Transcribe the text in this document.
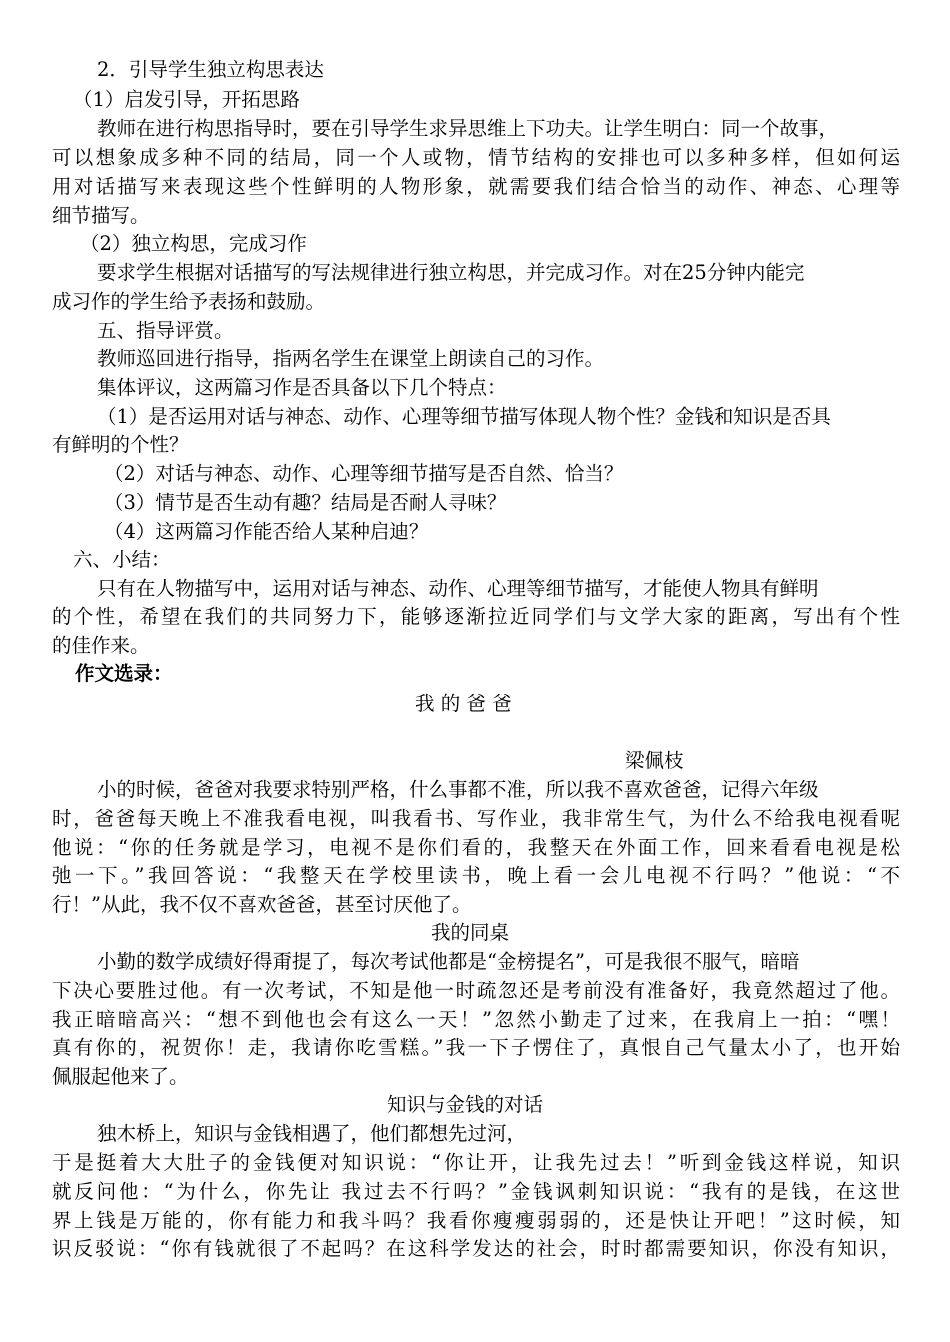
2．引导学生独立构思表达
（1）启发引导，开拓思路
教师在进行构思指导时，要在引导学生求异思维上下功夫。让学生明白：同一个故事，
可以想象成多种不同的结局，同一个人或物，情节结构的安排也可以多种多样，但如何运
用对话描写来表现这些个性鲜明的人物形象，就需要我们结合恰当的动作、神态、心理等
细节描写。
（2）独立构思，完成习作
要求学生根据对话描写的写法规律进行独立构思，并完成习作。对在25分钟内能完
成习作的学生给予表扬和鼓励。
五、指导评赏。
教师巡回进行指导，指两名学生在课堂上朗读自己的习作。
集体评议，这两篇习作是否具备以下几个特点：
（1）是否运用对话与神态、动作、心理等细节描写体现人物个性？金钱和知识是否具
有鲜明的个性？
（2）对话与神态、动作、心理等细节描写是否自然、恰当？
（3）情节是否生动有趣？结局是否耐人寻味？
（4）这两篇习作能否给人某种启迪？
六、小结：
只有在人物描写中，运用对话与神态、动作、心理等细节描写，才能使人物具有鲜明
的个性，希望在我们的共同努力下，能够逐渐拉近同学们与文学大家的距离，写出有个性
的佳作来。
作文选录：
我 的 爸 爸
梁佩枝
小的时候，爸爸对我要求特别严格，什么事都不准，所以我不喜欢爸爸，记得六年级
时，爸爸每天晚上不准我看电视，叫我看书、写作业，我非常生气，为什么不给我电视看呢
他说：“你的任务就是学习，电视不是你们看的，我整天在外面工作，回来看看电视是松
弛一下。”我回答说：“我整天在学校里读书，晚上看一会儿电视不行吗？”他说：“不
行！”从此，我不仅不喜欢爸爸，甚至讨厌他了。
我的同桌
小勤的数学成绩好得甭提了，每次考试他都是“金榜提名”，可是我很不服气，暗暗
下决心要胜过他。有一次考试，不知是他一时疏忽还是考前没有准备好，我竟然超过了他。
我正暗暗高兴：“想不到他也会有这么一天！”忽然小勤走了过来，在我肩上一拍：“嘿！
真有你的，祝贺你！走，我请你吃雪糕。”我一下子愣住了，真恨自己气量太小了，也开始
佩服起他来了。
知识与金钱的对话
独木桥上，知识与金钱相遇了，他们都想先过河，
于是挺着大大肚子的金钱便对知识说：“你让开，让我先过去！”听到金钱这样说，知识
就反问他：“为什么，你先让 我过去不行吗？”金钱讽刺知识说：“我有的是钱，在这世
界上钱是万能的，你有能力和我斗吗？我看你瘦瘦弱弱的，还是快让开吧！”这时候，知
识反驳说：“你有钱就很了不起吗？在这科学发达的社会，时时都需要知识，你没有知识，
